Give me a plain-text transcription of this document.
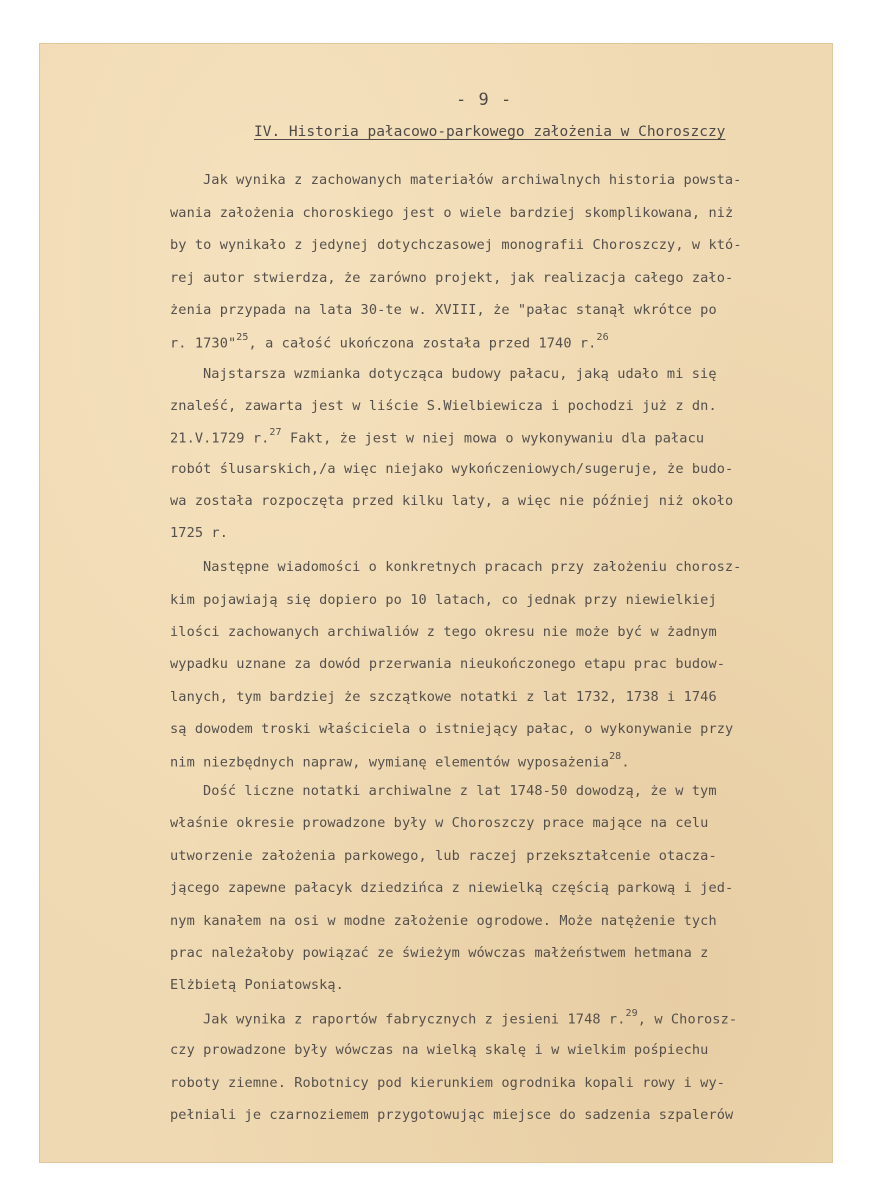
- 9 -
IV. Historia pałacowo-parkowego założenia w Choroszczy
Jak wynika z zachowanych materiałów archiwalnych historia powsta-
wania założenia choroskiego jest o wiele bardziej skomplikowana, niż
by to wynikało z jedynej dotychczasowej monografii Choroszczy, w któ-
rej autor stwierdza, że zarówno projekt, jak realizacja całego zało-
żenia przypada na lata 30-te w. XVIII, że "pałac stanął wkrótce po
r. 1730"$^{25}$, a całość ukończona została przed 1740 r.$^{26}$
Najstarsza wzmianka dotycząca budowy pałacu, jaką udało mi się
znaleść, zawarta jest w liście S.Wielbiewicza i pochodzi już z dn.
21.V.1729 r.$^{27}$ Fakt, że jest w niej mowa o wykonywaniu dla pałacu
robót ślusarskich,/a więc niejako wykończeniowych/sugeruje, że budo-
wa została rozpoczęta przed kilku laty, a więc nie później niż około
1725 r.
Następne wiadomości o konkretnych pracach przy założeniu chorosz-
kim pojawiają się dopiero po 10 latach, co jednak przy niewielkiej
ilości zachowanych archiwaliów z tego okresu nie może być w żadnym
wypadku uznane za dowód przerwania nieukończonego etapu prac budow-
lanych, tym bardziej że szczątkowe notatki z lat 1732, 1738 i 1746
są dowodem troski właściciela o istniejący pałac, o wykonywanie przy
nim niezbędnych napraw, wymianę elementów wyposażenia$^{28}$.
Dość liczne notatki archiwalne z lat 1748-50 dowodzą, że w tym
właśnie okresie prowadzone były w Choroszczy prace mające na celu
utworzenie założenia parkowego, lub raczej przekształcenie otacza-
jącego zapewne pałacyk dziedzińca z niewielką częścią parkową i jed-
nym kanałem na osi w modne założenie ogrodowe. Może natężenie tych
prac należałoby powiązać ze świeżym wówczas małżeństwem hetmana z
Elżbietą Poniatowską.
Jak wynika z raportów fabrycznych z jesieni 1748 r.$^{29}$, w Chorosz-
czy prowadzone były wówczas na wielką skalę i w wielkim pośpiechu
roboty ziemne. Robotnicy pod kierunkiem ogrodnika kopali rowy i wy-
pełniali je czarnoziemem przygotowując miejsce do sadzenia szpalerów
